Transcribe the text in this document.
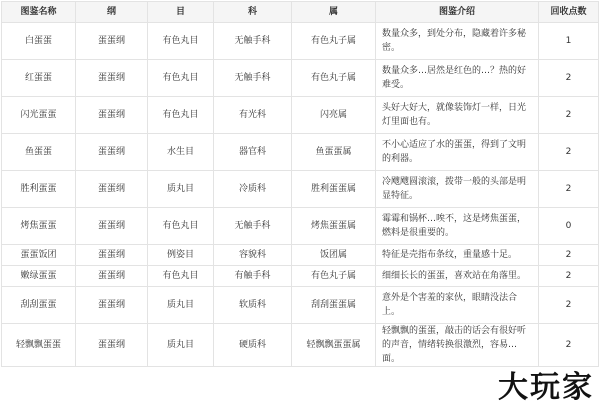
图鉴名称	纲	目	科	属	图鉴介绍	回收点数
白蛋蛋	蛋蛋纲	有色丸目	无触手科	有色丸子属	数量众多，到处分布，隐藏着许多秘密。	1
红蛋蛋	蛋蛋纲	有色丸目	无触手科	有色丸子属	数量众多…居然是红色的…？热的好难受。	2
闪光蛋蛋	蛋蛋纲	有色丸目	有光科	闪亮属	头好大好大，就像装饰灯一样，日光灯里面也有。	2
鱼蛋蛋	蛋蛋纲	水生目	器官科	鱼蛋蛋属	不小心适应了水的蛋蛋，得到了文明的利器。	2
胜利蛋蛋	蛋蛋纲	质丸目	冷质科	胜利蛋蛋属	冷飕飕圆滚滚，拨带一般的头部是明显特征。	2
烤焦蛋蛋	蛋蛋纲	有色丸目	无触手科	烤焦蛋蛋属	霉霉和锅杯…唉不，这是烤焦蛋蛋，燃料是很重要的。	0
蛋蛋饭团	蛋蛋纲	例姿目	容貌科	饭团属	特征是壳指布条纹，重量感十足。	2
嫩绿蛋蛋	蛋蛋纲	有色丸目	有触手科	有色丸子属	细细长长的蛋蛋，喜欢站在角落里。	2
刮刮蛋蛋	蛋蛋纲	质丸目	软质科	刮刮蛋蛋属	意外是个害羞的家伙，眼睛没法合上。	2
轻飘飘蛋蛋	蛋蛋纲	质丸目	硬质科	轻飘飘蛋蛋属	轻飘飘的蛋蛋，敲击的话会有很好听的声音，情绪转换很激烈，容易…面。	2
大玩家
